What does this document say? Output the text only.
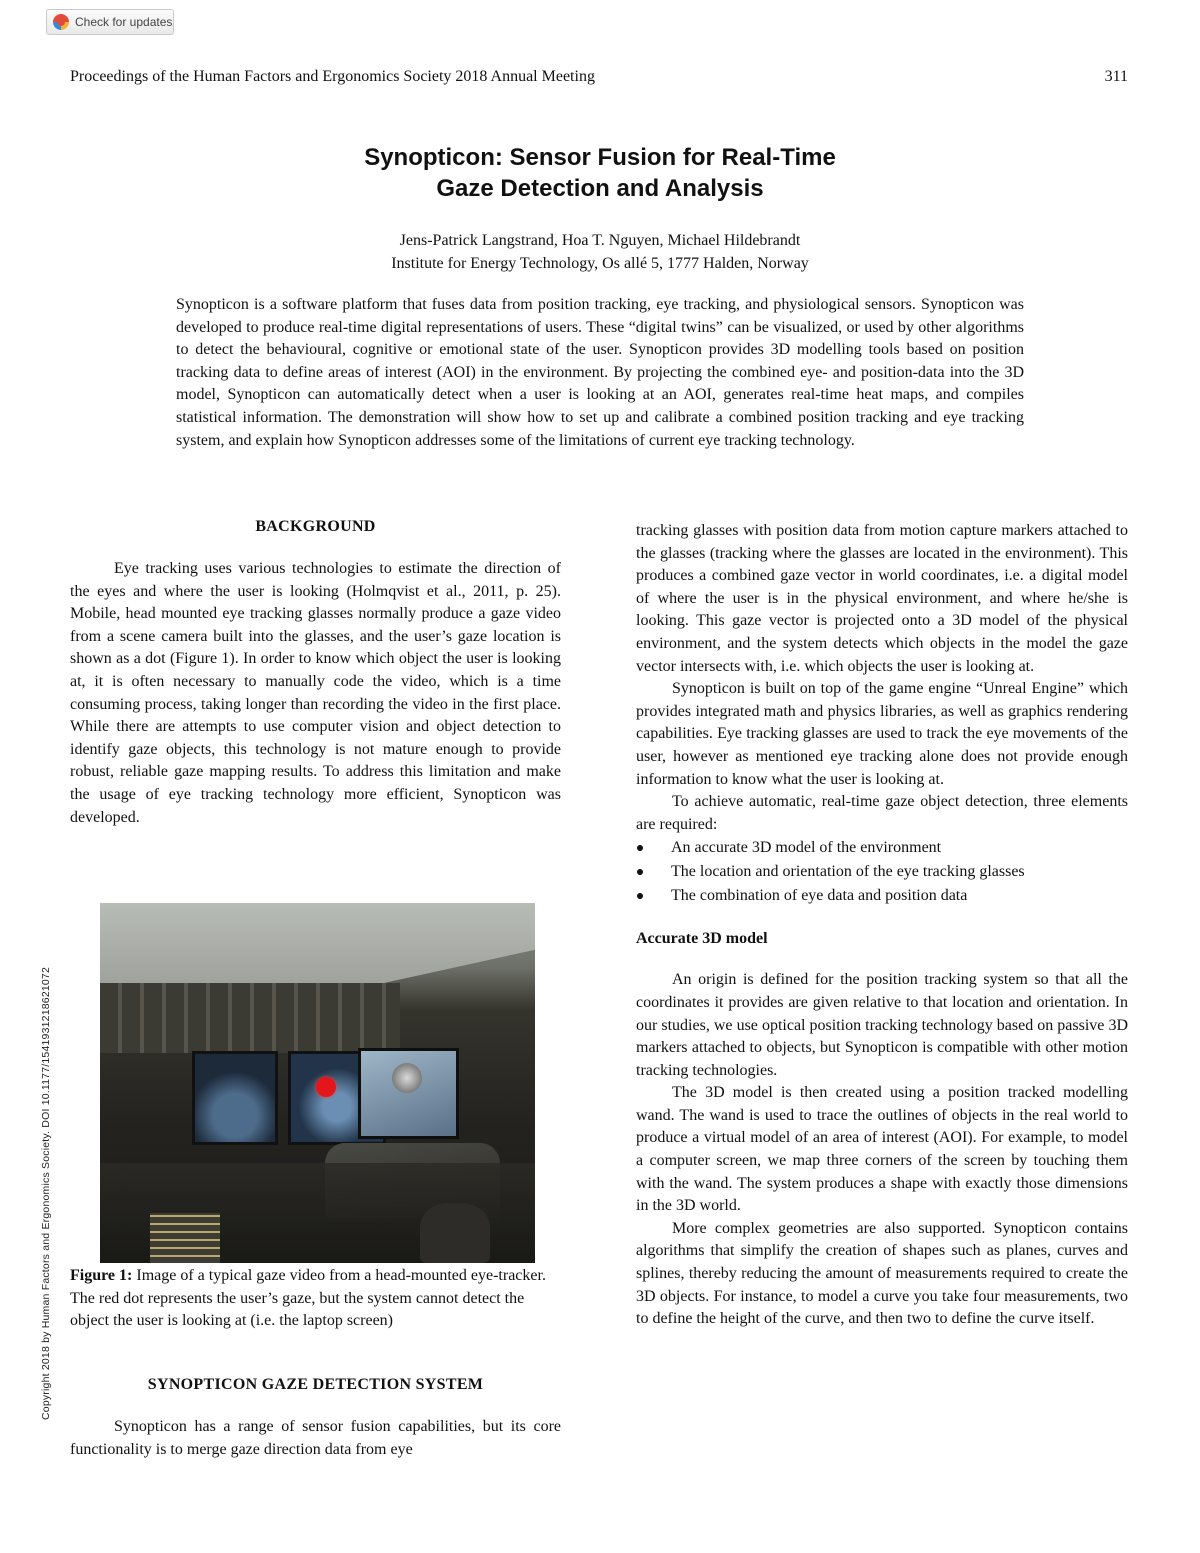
Check for updates
Proceedings of the Human Factors and Ergonomics Society 2018 Annual Meeting	311
Synopticon: Sensor Fusion for Real-Time
Gaze Detection and Analysis
Jens-Patrick Langstrand, Hoa T. Nguyen, Michael Hildebrandt
Institute for Energy Technology, Os allé 5, 1777 Halden, Norway

Synopticon is a software platform that fuses data from position tracking, eye tracking, and physiological sensors. Synopticon was developed to produce real-time digital representations of users. These “digital twins” can be visualized, or used by other algorithms to detect the behavioural, cognitive or emotional state of the user. Synopticon provides 3D modelling tools based on position tracking data to define areas of interest (AOI) in the environment. By projecting the combined eye- and position-data into the 3D model, Synopticon can automatically detect when a user is looking at an AOI, generates real-time heat maps, and compiles statistical information. The demonstration will show how to set up and calibrate a combined position tracking and eye tracking system, and explain how Synopticon addresses some of the limitations of current eye tracking technology.

BACKGROUND

Eye tracking uses various technologies to estimate the direction of the eyes and where the user is looking (Holmqvist et al., 2011, p. 25). Mobile, head mounted eye tracking glasses normally produce a gaze video from a scene camera built into the glasses, and the user’s gaze location is shown as a dot (Figure 1). In order to know which object the user is looking at, it is often necessary to manually code the video, which is a time consuming process, taking longer than recording the video in the first place. While there are attempts to use computer vision and object detection to identify gaze objects, this technology is not mature enough to provide robust, reliable gaze mapping results. To address this limitation and make the usage of eye tracking technology more efficient, Synopticon was developed.

Figure 1: Image of a typical gaze video from a head-mounted eye-tracker. The red dot represents the user’s gaze, but the system cannot detect the object the user is looking at (i.e. the laptop screen)

SYNOPTICON GAZE DETECTION SYSTEM

Synopticon has a range of sensor fusion capabilities, but its core functionality is to merge gaze direction data from eye

tracking glasses with position data from motion capture markers attached to the glasses (tracking where the glasses are located in the environment). This produces a combined gaze vector in world coordinates, i.e. a digital model of where the user is in the physical environment, and where he/she is looking. This gaze vector is projected onto a 3D model of the physical environment, and the system detects which objects in the model the gaze vector intersects with, i.e. which objects the user is looking at.

Synopticon is built on top of the game engine “Unreal Engine” which provides integrated math and physics libraries, as well as graphics rendering capabilities. Eye tracking glasses are used to track the eye movements of the user, however as mentioned eye tracking alone does not provide enough information to know what the user is looking at.

To achieve automatic, real-time gaze object detection, three elements are required:

An accurate 3D model of the environment
The location and orientation of the eye tracking glasses
The combination of eye data and position data
Accurate 3D model

An origin is defined for the position tracking system so that all the coordinates it provides are given relative to that location and orientation. In our studies, we use optical position tracking technology based on passive 3D markers attached to objects, but Synopticon is compatible with other motion tracking technologies.

The 3D model is then created using a position tracked modelling wand. The wand is used to trace the outlines of objects in the real world to produce a virtual model of an area of interest (AOI). For example, to model a computer screen, we map three corners of the screen by touching them with the wand. The system produces a shape with exactly those dimensions in the 3D world.

More complex geometries are also supported. Synopticon contains algorithms that simplify the creation of shapes such as planes, curves and splines, thereby reducing the amount of measurements required to create the 3D objects. For instance, to model a curve you take four measurements, two to define the height of the curve, and then two to define the curve itself.

Copyright 2018 by Human Factors and Ergonomics Society. DOI 10.1177/1541931218621072
